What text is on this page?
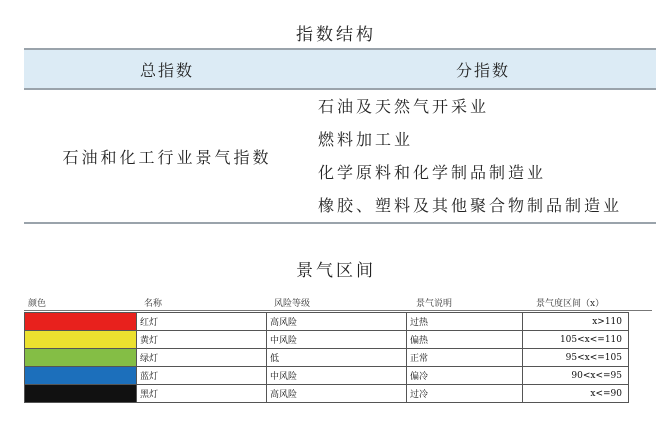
指数结构
总指数	分指数
石油和化工行业景气指数
石油及天然气开采业
燃料加工业
化学原料和化学制品制造业
橡胶、塑料及其他聚合物制品制造业
景气区间
颜色	名称	风险等级	景气说明	景气度区间（x）
	红灯	高风险	过热	x>110
	黄灯	中风险	偏热	105<x<=110
	绿灯	低	正常	95<x<=105
	蓝灯	中风险	偏冷	90<x<=95
	黑灯	高风险	过冷	x<=90
